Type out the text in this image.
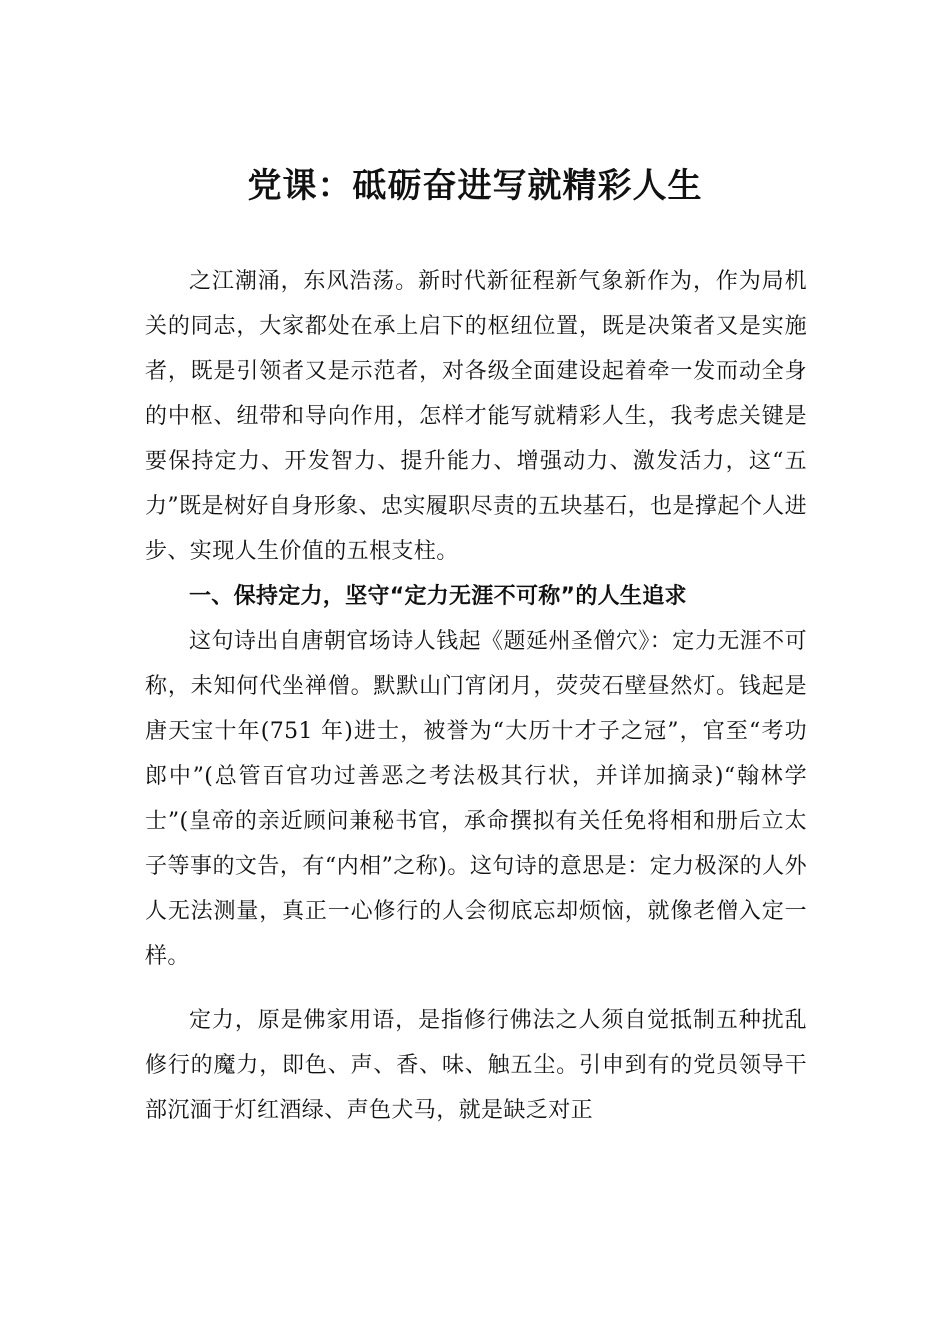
党课：砥砺奋进写就精彩人生

之江潮涌，东风浩荡。新时代新征程新气象新作为，作为局机关的同志，大家都处在承上启下的枢纽位置，既是决策者又是实施者，既是引领者又是示范者，对各级全面建设起着牵一发而动全身的中枢、纽带和导向作用，怎样才能写就精彩人生，我考虑关键是要保持定力、开发智力、提升能力、增强动力、激发活力，这“五力”既是树好自身形象、忠实履职尽责的五块基石，也是撑起个人进步、实现人生价值的五根支柱。

一、保持定力，坚守“定力无涯不可称”的人生追求

这句诗出自唐朝官场诗人钱起《题延州圣僧穴》：定力无涯不可称，未知何代坐禅僧。默默山门宵闭月，荧荧石壁昼然灯。钱起是唐天宝十年(751 年)进士，被誉为“大历十才子之冠”，官至“考功郎中”(总管百官功过善恶之考法极其行状，并详加摘录)“翰林学士”(皇帝的亲近顾问兼秘书官，承命撰拟有关任免将相和册后立太子等事的文告，有“内相”之称)。这句诗的意思是：定力极深的人外人无法测量，真正一心修行的人会彻底忘却烦恼，就像老僧入定一样。

定力，原是佛家用语，是指修行佛法之人须自觉抵制五种扰乱修行的魔力，即色、声、香、味、触五尘。引申到有的党员领导干部沉湎于灯红酒绿、声色犬马，就是缺乏对正
